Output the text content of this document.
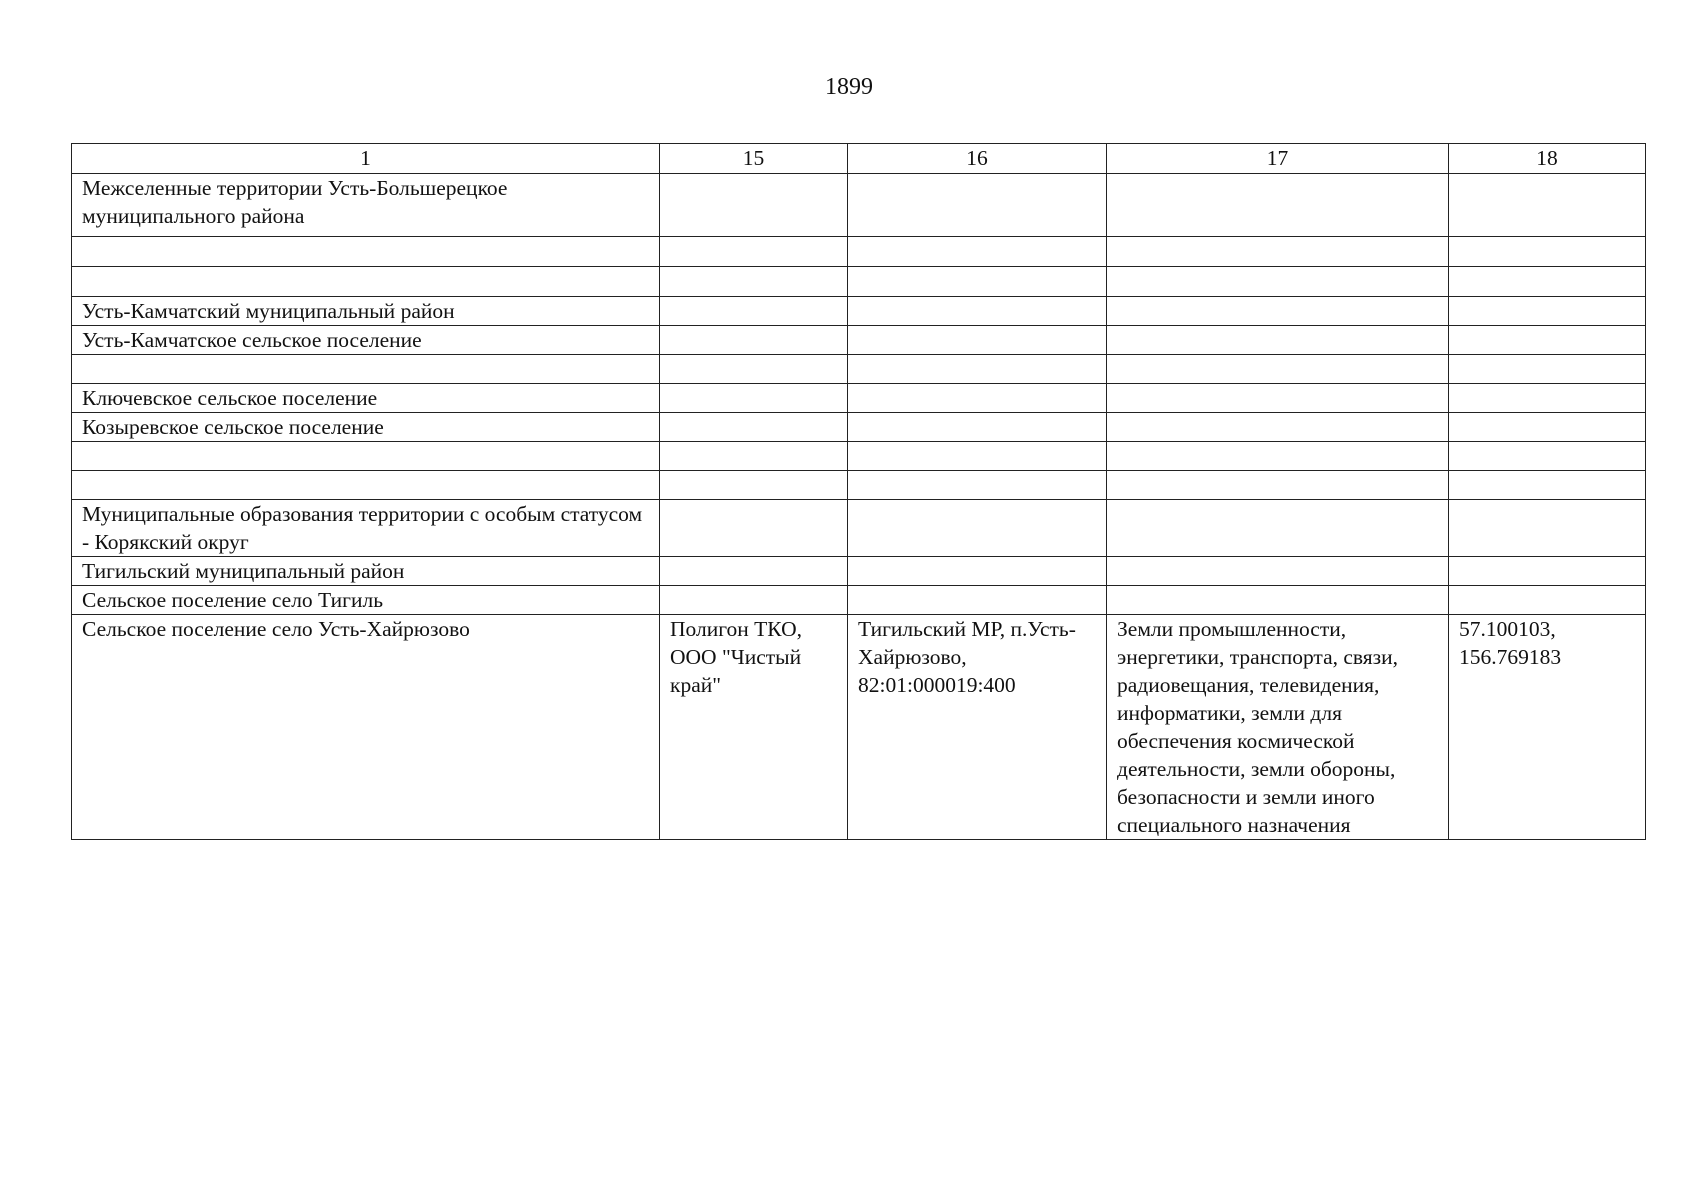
1899
1	15	16	17	18
Межселенные территории Усть-Большерецкое муниципального района				

Усть-Камчатский муниципальный район				
Усть-Камчатское сельское поселение				

Ключевское сельское поселение				
Козыревское сельское поселение				

Муниципальные образования территории с особым статусом - Корякский округ				
Тигильский муниципальный район				
Сельское поселение село Тигиль				
Сельское поселение село Усть-Хайрюзово	Полигон ТКО, ООО "Чистый край"	Тигильский МР, п.Усть-Хайрюзово, 82:01:000019:400	Земли промышленности, энергетики, транспорта, связи, радиовещания, телевидения, информатики, земли для обеспечения космической деятельности, земли обороны, безопасности и земли иного специального назначения	57.100103, 156.769183
